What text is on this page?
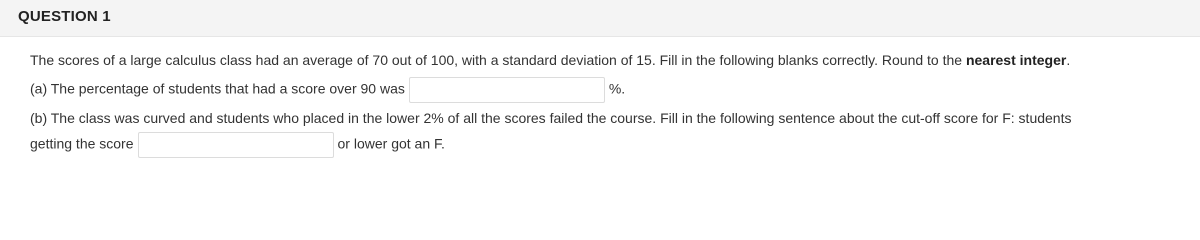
QUESTION 1
The scores of a large calculus class had an average of 70 out of 100, with a standard deviation of 15. Fill in the following blanks correctly. Round to the nearest integer.
(a) The percentage of students that had a score over 90 was	%.
(b) The class was curved and students who placed in the lower 2% of all the scores failed the course. Fill in the following sentence about the cut-off score for F: students
getting the score	or lower got an F.
